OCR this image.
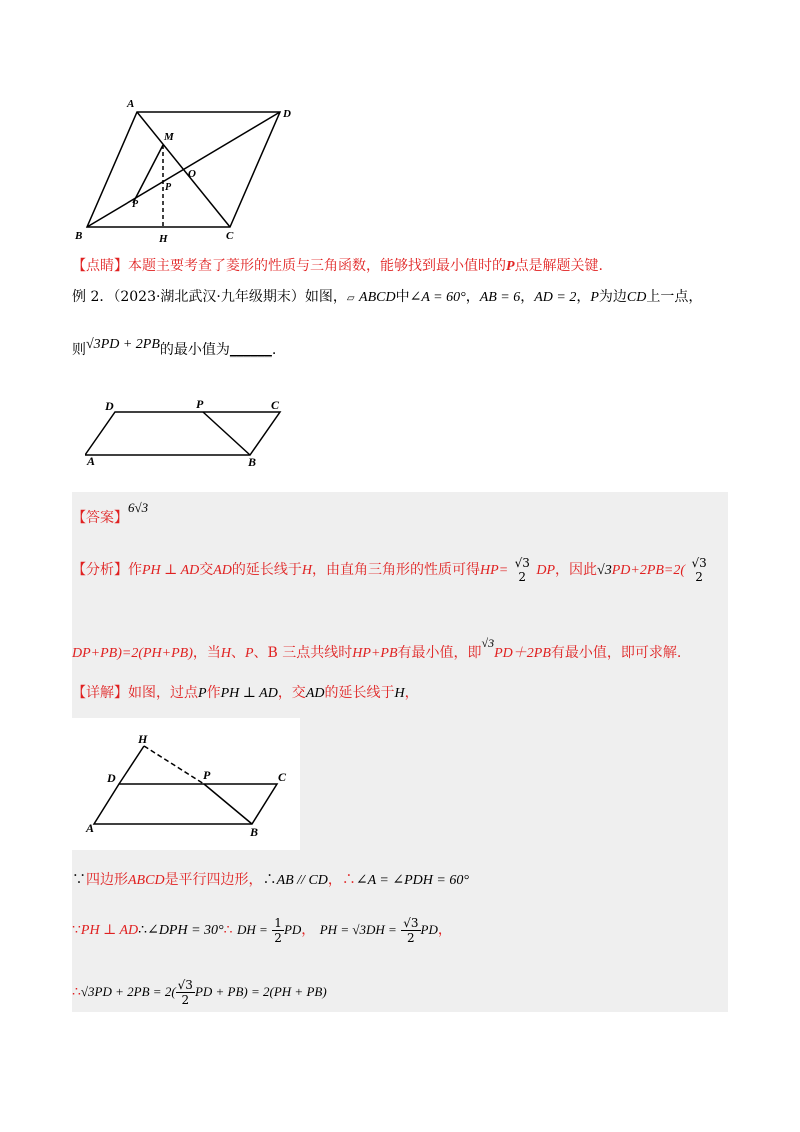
A
D
M
O
P
P
B	H	C
【点睛】本题主要考查了菱形的性质与三角函数，能够找到最小值时的P点是解题关键.
例 2．（2023·湖北武汉·九年级期末）如图，▱ ABCD中∠A = 60°，AB = 6，AD = 2，P为边CD上一点，
则√3PD + 2PB的最小值为______.
D	P	C
A	B
【答案】6√3
【分析】作PH ⊥ AD交AD的延长线于H，由直角三角形的性质可得HP= √3
2 DP，因此√3PD+2PB=2( √3
2
DP+PB)=2(PH+PB)，当H、P、B 三点共线时HP+PB有最小值，即√3PD＋2PB有最小值，即可求解.
【详解】如图，过点P作PH ⊥ AD，交AD的延长线于H，
H
D	P	C
A	B
∵四边形ABCD是平行四边形，∴AB // CD，∴∠A = ∠PDH = 60°
∵PH ⊥ AD∴∠DPH = 30°∴ DH = $\frac{1}{2}$ PD， PH = $√3DH = \frac{√3}{2}$ PD，
∴√3PD + $2PB = 2( \frac{√3}{2}$ PD + PB) = 2(PH + PB)
